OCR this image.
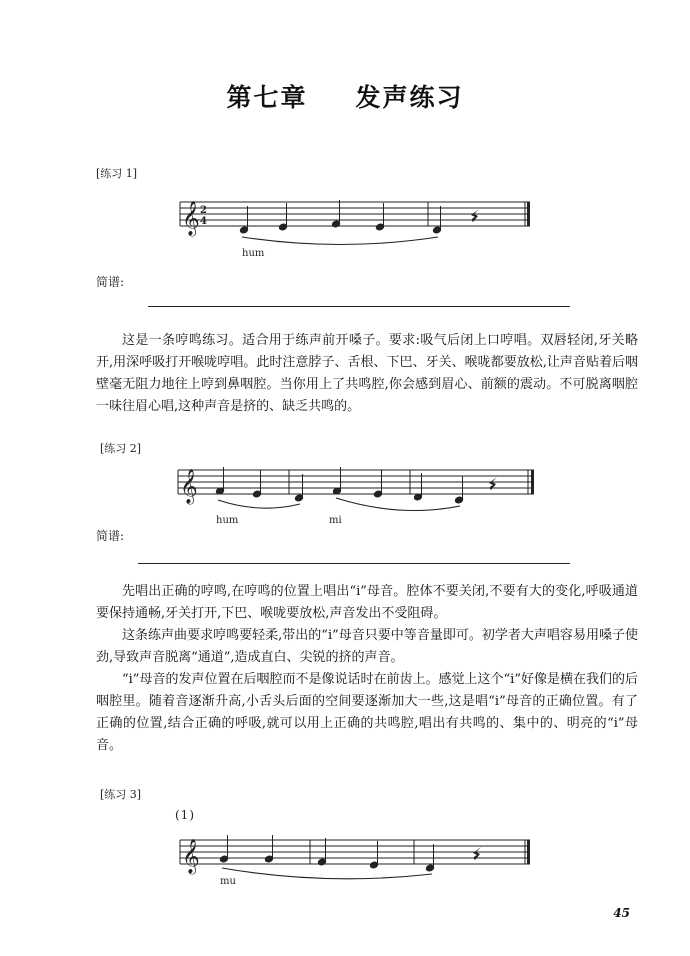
第七章 发声练习
[练习 1]
𝄞 2
4
hum
简谱:

这是一条哼鸣练习。适合用于练声前开嗓子。要求:吸气后闭上口哼唱。双唇轻闭,牙关略开,用深呼吸打开喉咙哼唱。此时注意脖子、舌根、下巴、牙关、喉咙都要放松,让声音贴着后咽壁毫无阻力地往上哼到鼻咽腔。当你用上了共鸣腔,你会感到眉心、前额的震动。不可脱离咽腔一味往眉心唱,这种声音是挤的、缺乏共鸣的。

[练习 2]
𝄞
hum	mi
简谱:

先唱出正确的哼鸣,在哼鸣的位置上唱出“i”母音。腔体不要关闭,不要有大的变化,呼吸通道要保持通畅,牙关打开,下巴、喉咙要放松,声音发出不受阻碍。

这条练声曲要求哼鸣要轻柔,带出的“i”母音只要中等音量即可。初学者大声唱容易用嗓子使劲,导致声音脱离“通道”,造成直白、尖锐的挤的声音。

“i”母音的发声位置在后咽腔而不是像说话时在前齿上。感觉上这个“i”好像是横在我们的后咽腔里。随着音逐渐升高,小舌头后面的空间要逐渐加大一些,这是唱“i”母音的正确位置。有了正确的位置,结合正确的呼吸,就可以用上正确的共鸣腔,唱出有共鸣的、集中的、明亮的“i”母音。

[练习 3]
(1)
𝄞
mu
45
